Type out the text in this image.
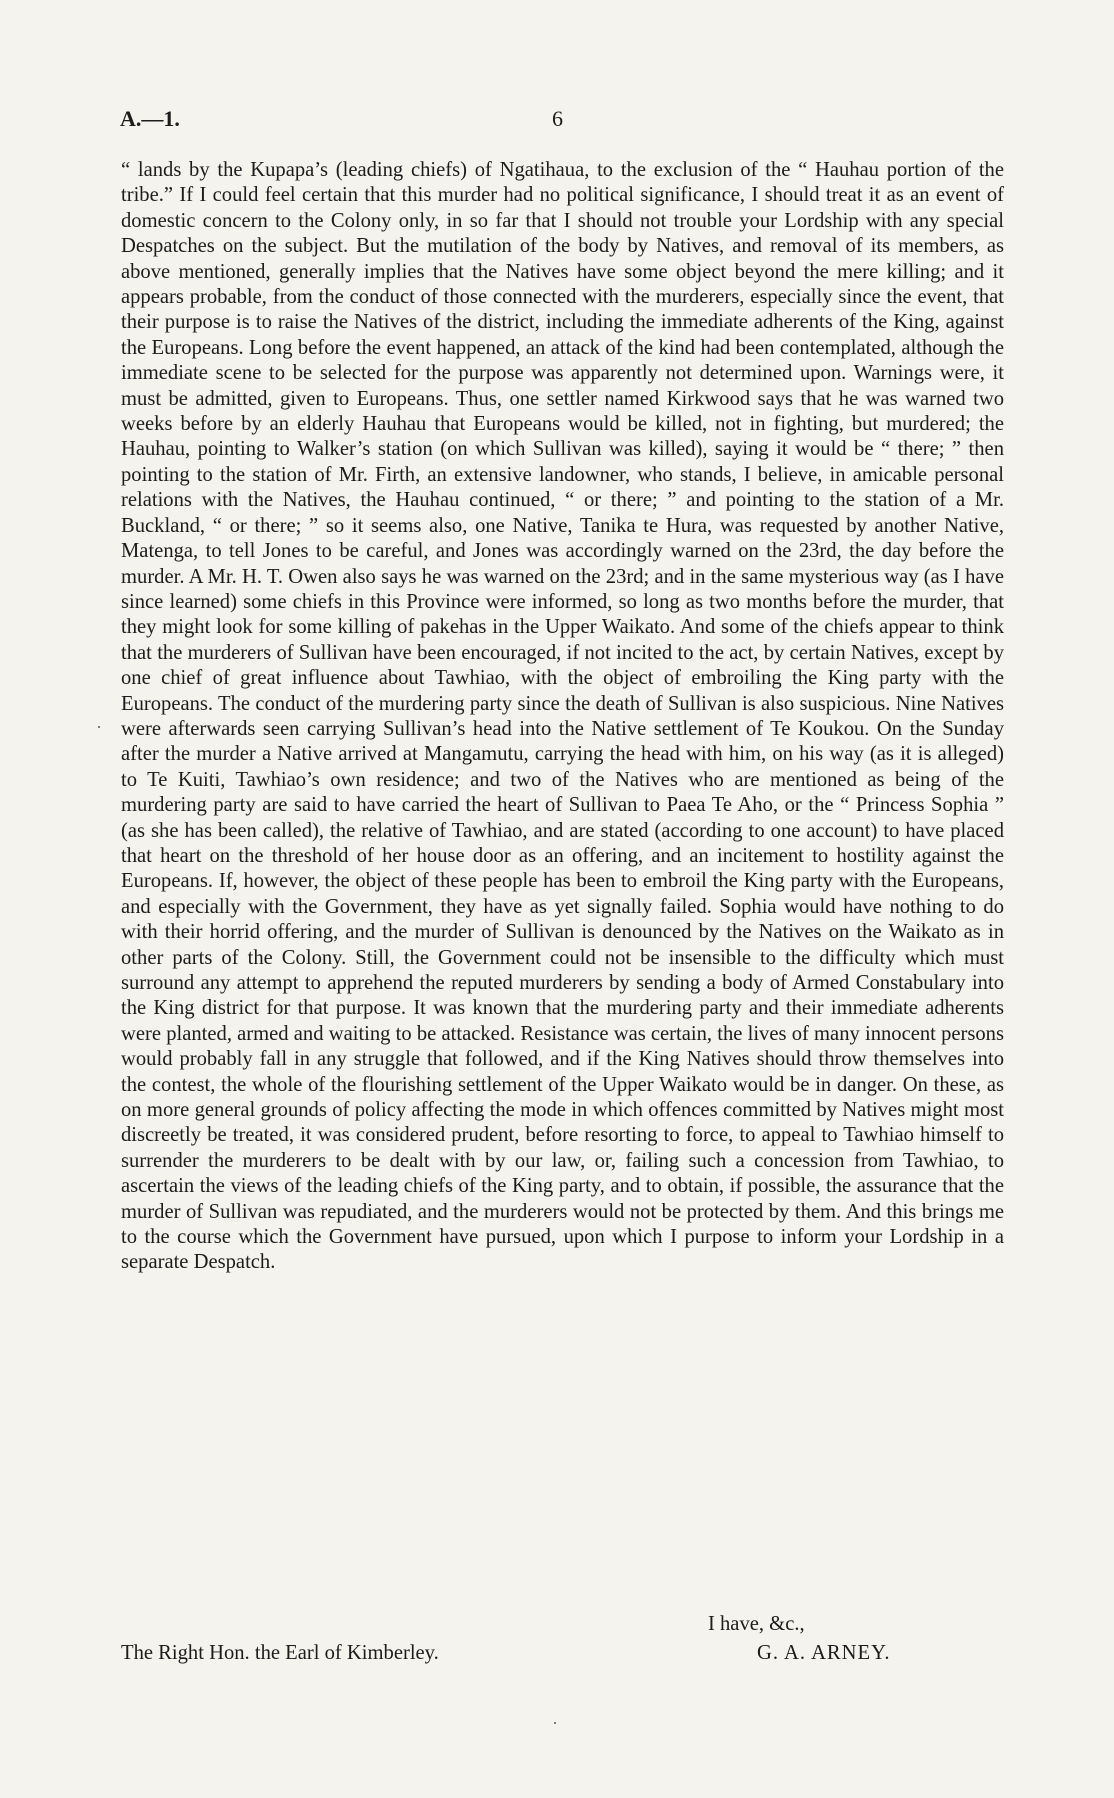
A.—1.	6

“ lands by the Kupapa’s (leading chiefs) of Ngatihaua, to the exclusion of the “ Hauhau portion of the tribe.” If I could feel certain that this murder had no political significance, I should treat it as an event of domestic concern to the Colony only, in so far that I should not trouble your Lordship with any special Despatches on the subject. But the mutilation of the body by Natives, and removal of its members, as above mentioned, generally implies that the Natives have some object beyond the mere killing; and it appears probable, from the conduct of those connected with the murderers, especially since the event, that their purpose is to raise the Natives of the district, including the immediate adherents of the King, against the Europeans. Long before the event happened, an attack of the kind had been contemplated, although the immediate scene to be selected for the purpose was apparently not determined upon. Warnings were, it must be admitted, given to Europeans. Thus, one settler named Kirkwood says that he was warned two weeks before by an elderly Hauhau that Europeans would be killed, not in fighting, but murdered; the Hauhau, pointing to Walker’s station (on which Sullivan was killed), saying it would be “ there; ” then pointing to the station of Mr. Firth, an extensive landowner, who stands, I believe, in amicable personal relations with the Natives, the Hauhau continued, “ or there; ” and pointing to the station of a Mr. Buckland, “ or there; ” so it seems also, one Native, Tanika te Hura, was requested by another Native, Matenga, to tell Jones to be careful, and Jones was accordingly warned on the 23rd, the day before the murder. A Mr. H. T. Owen also says he was warned on the 23rd; and in the same mysterious way (as I have since learned) some chiefs in this Province were informed, so long as two months before the murder, that they might look for some killing of pakehas in the Upper Waikato. And some of the chiefs appear to think that the murderers of Sullivan have been encouraged, if not incited to the act, by certain Natives, except by one chief of great influence about Tawhiao, with the object of embroiling the King party with the Europeans. The conduct of the murdering party since the death of Sullivan is also suspicious. Nine Natives were afterwards seen carrying Sullivan’s head into the Native settlement of Te Koukou. On the Sunday after the murder a Native arrived at Mangamutu, carrying the head with him, on his way (as it is alleged) to Te Kuiti, Tawhiao’s own residence; and two of the Natives who are mentioned as being of the murdering party are said to have carried the heart of Sullivan to Paea Te Aho, or the “ Princess Sophia ” (as she has been called), the relative of Tawhiao, and are stated (according to one account) to have placed that heart on the threshold of her house door as an offering, and an incitement to hostility against the Europeans. If, however, the object of these people has been to embroil the King party with the Europeans, and especially with the Government, they have as yet signally failed. Sophia would have nothing to do with their horrid offering, and the murder of Sullivan is denounced by the Natives on the Waikato as in other parts of the Colony. Still, the Government could not be insensible to the difficulty which must surround any attempt to apprehend the reputed murderers by sending a body of Armed Constabulary into the King district for that purpose. It was known that the murdering party and their immediate adherents were planted, armed and waiting to be attacked. Resistance was certain, the lives of many innocent persons would probably fall in any struggle that followed, and if the King Natives should throw themselves into the contest, the whole of the flourishing settlement of the Upper Waikato would be in danger. On these, as on more general grounds of policy affecting the mode in which offences committed by Natives might most discreetly be treated, it was considered prudent, before resorting to force, to appeal to Tawhiao himself to surrender the murderers to be dealt with by our law, or, failing such a concession from Tawhiao, to ascertain the views of the leading chiefs of the King party, and to obtain, if possible, the assurance that the murder of Sullivan was repudiated, and the murderers would not be protected by them. And this brings me to the course which the Government have pursued, upon which I purpose to inform your Lordship in a separate Despatch.

I have, &c.,
The Right Hon. the Earl of Kimberley.	G. A. ARNEY.
